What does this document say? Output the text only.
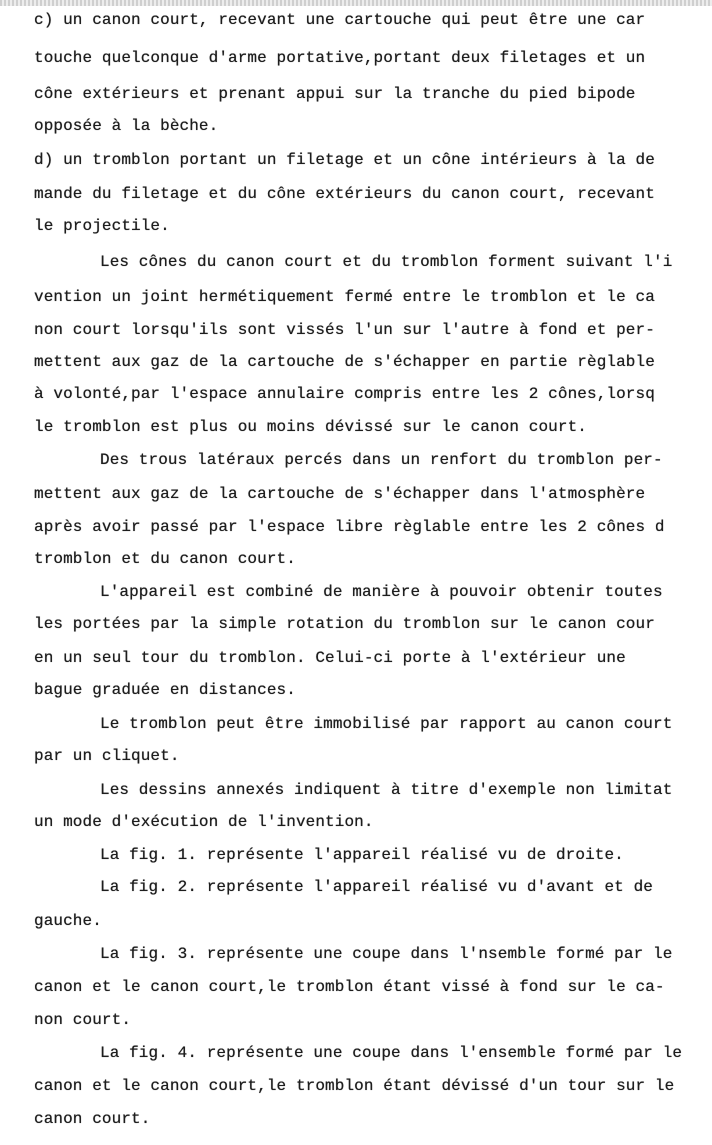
c) un canon court, recevant une cartouche qui peut être une car

touche quelconque d'arme portative,portant deux filetages et un

cône extérieurs et prenant appui sur la tranche du pied bipode

opposée à la bèche.

d) un tromblon portant un filetage et un cône intérieurs à la de

mande du filetage et du cône extérieurs du canon court, recevant

le projectile.

Les cônes du canon court et du tromblon forment suivant l'i

vention un joint hermétiquement fermé entre le tromblon et le ca

non court lorsqu'ils sont vissés l'un sur l'autre à fond et per-

mettent aux gaz de la cartouche de s'échapper en partie règlable

à volonté,par l'espace annulaire compris entre les 2 cônes,lorsq

le tromblon est plus ou moins dévissé sur le canon court.

Des trous latéraux percés dans un renfort du tromblon per-

mettent aux gaz de la cartouche de s'échapper dans l'atmosphère

après avoir passé par l'espace libre règlable entre les 2 cônes d

tromblon et du canon court.

L'appareil est combiné de manière à pouvoir obtenir toutes

les portées par la simple rotation du tromblon sur le canon cour

en un seul tour du tromblon. Celui-ci porte à l'extérieur une

bague graduée en distances.

Le tromblon peut être immobilisé par rapport au canon court

par un cliquet.

Les dessins annexés indiquent à titre d'exemple non limitat

un mode d'exécution de l'invention.

La fig. 1. représente l'appareil réalisé vu de droite.

La fig. 2. représente l'appareil réalisé vu d'avant et de

gauche.

La fig. 3. représente une coupe dans l'nsemble formé par le

canon et le canon court,le tromblon étant vissé à fond sur le ca-

non court.

La fig. 4. représente une coupe dans l'ensemble formé par le

canon et le canon court,le tromblon étant dévissé d'un tour sur le

canon court.
